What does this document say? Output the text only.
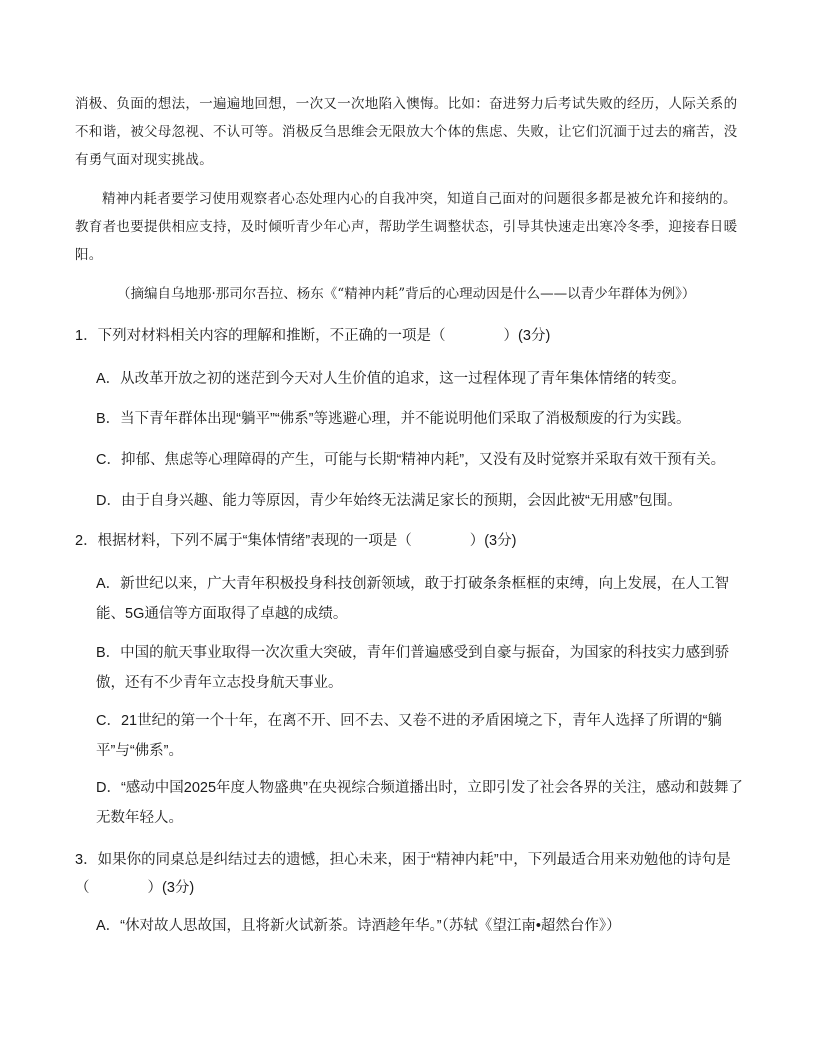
消极、负面的想法，一遍遍地回想，一次又一次地陷入懊悔。比如：奋进努力后考试失败的经历，人际关系的不和谐，被父母忽视、不认可等。消极反刍思维会无限放大个体的焦虑、失败，让它们沉湎于过去的痛苦，没有勇气面对现实挑战。

精神内耗者要学习使用观察者心态处理内心的自我冲突，知道自己面对的问题很多都是被允许和接纳的。教育者也要提供相应支持，及时倾听青少年心声，帮助学生调整状态，引导其快速走出寒冷冬季，迎接春日暖阳。

（摘编自乌地那·那司尔吾拉、杨东《“精神内耗”背后的心理动因是什么——以青少年群体为例》）

1．下列对材料相关内容的理解和推断，不正确的一项是（　　　　）(3分)

A．从改革开放之初的迷茫到今天对人生价值的追求，这一过程体现了青年集体情绪的转变。

B．当下青年群体出现“躺平”“佛系”等逃避心理，并不能说明他们采取了消极颓废的行为实践。

C．抑郁、焦虑等心理障碍的产生，可能与长期“精神内耗”，又没有及时觉察并采取有效干预有关。

D．由于自身兴趣、能力等原因，青少年始终无法满足家长的预期，会因此被“无用感”包围。

2．根据材料，下列不属于“集体情绪”表现的一项是（　　　　）(3分)

A．新世纪以来，广大青年积极投身科技创新领域，敢于打破条条框框的束缚，向上发展，在人工智能、5G通信等方面取得了卓越的成绩。

B．中国的航天事业取得一次次重大突破，青年们普遍感受到自豪与振奋，为国家的科技实力感到骄傲，还有不少青年立志投身航天事业。

C．21世纪的第一个十年，在离不开、回不去、又卷不进的矛盾困境之下，青年人选择了所谓的“躺平”与“佛系”。

D．“感动中国2025年度人物盛典”在央视综合频道播出时，立即引发了社会各界的关注，感动和鼓舞了无数年轻人。

3．如果你的同桌总是纠结过去的遗憾，担心未来，困于“精神内耗”中，下列最适合用来劝勉他的诗句是（　　　　）(3分)

A．“休对故人思故国，且将新火试新茶。诗酒趁年华。”（苏轼《望江南•超然台作》）
